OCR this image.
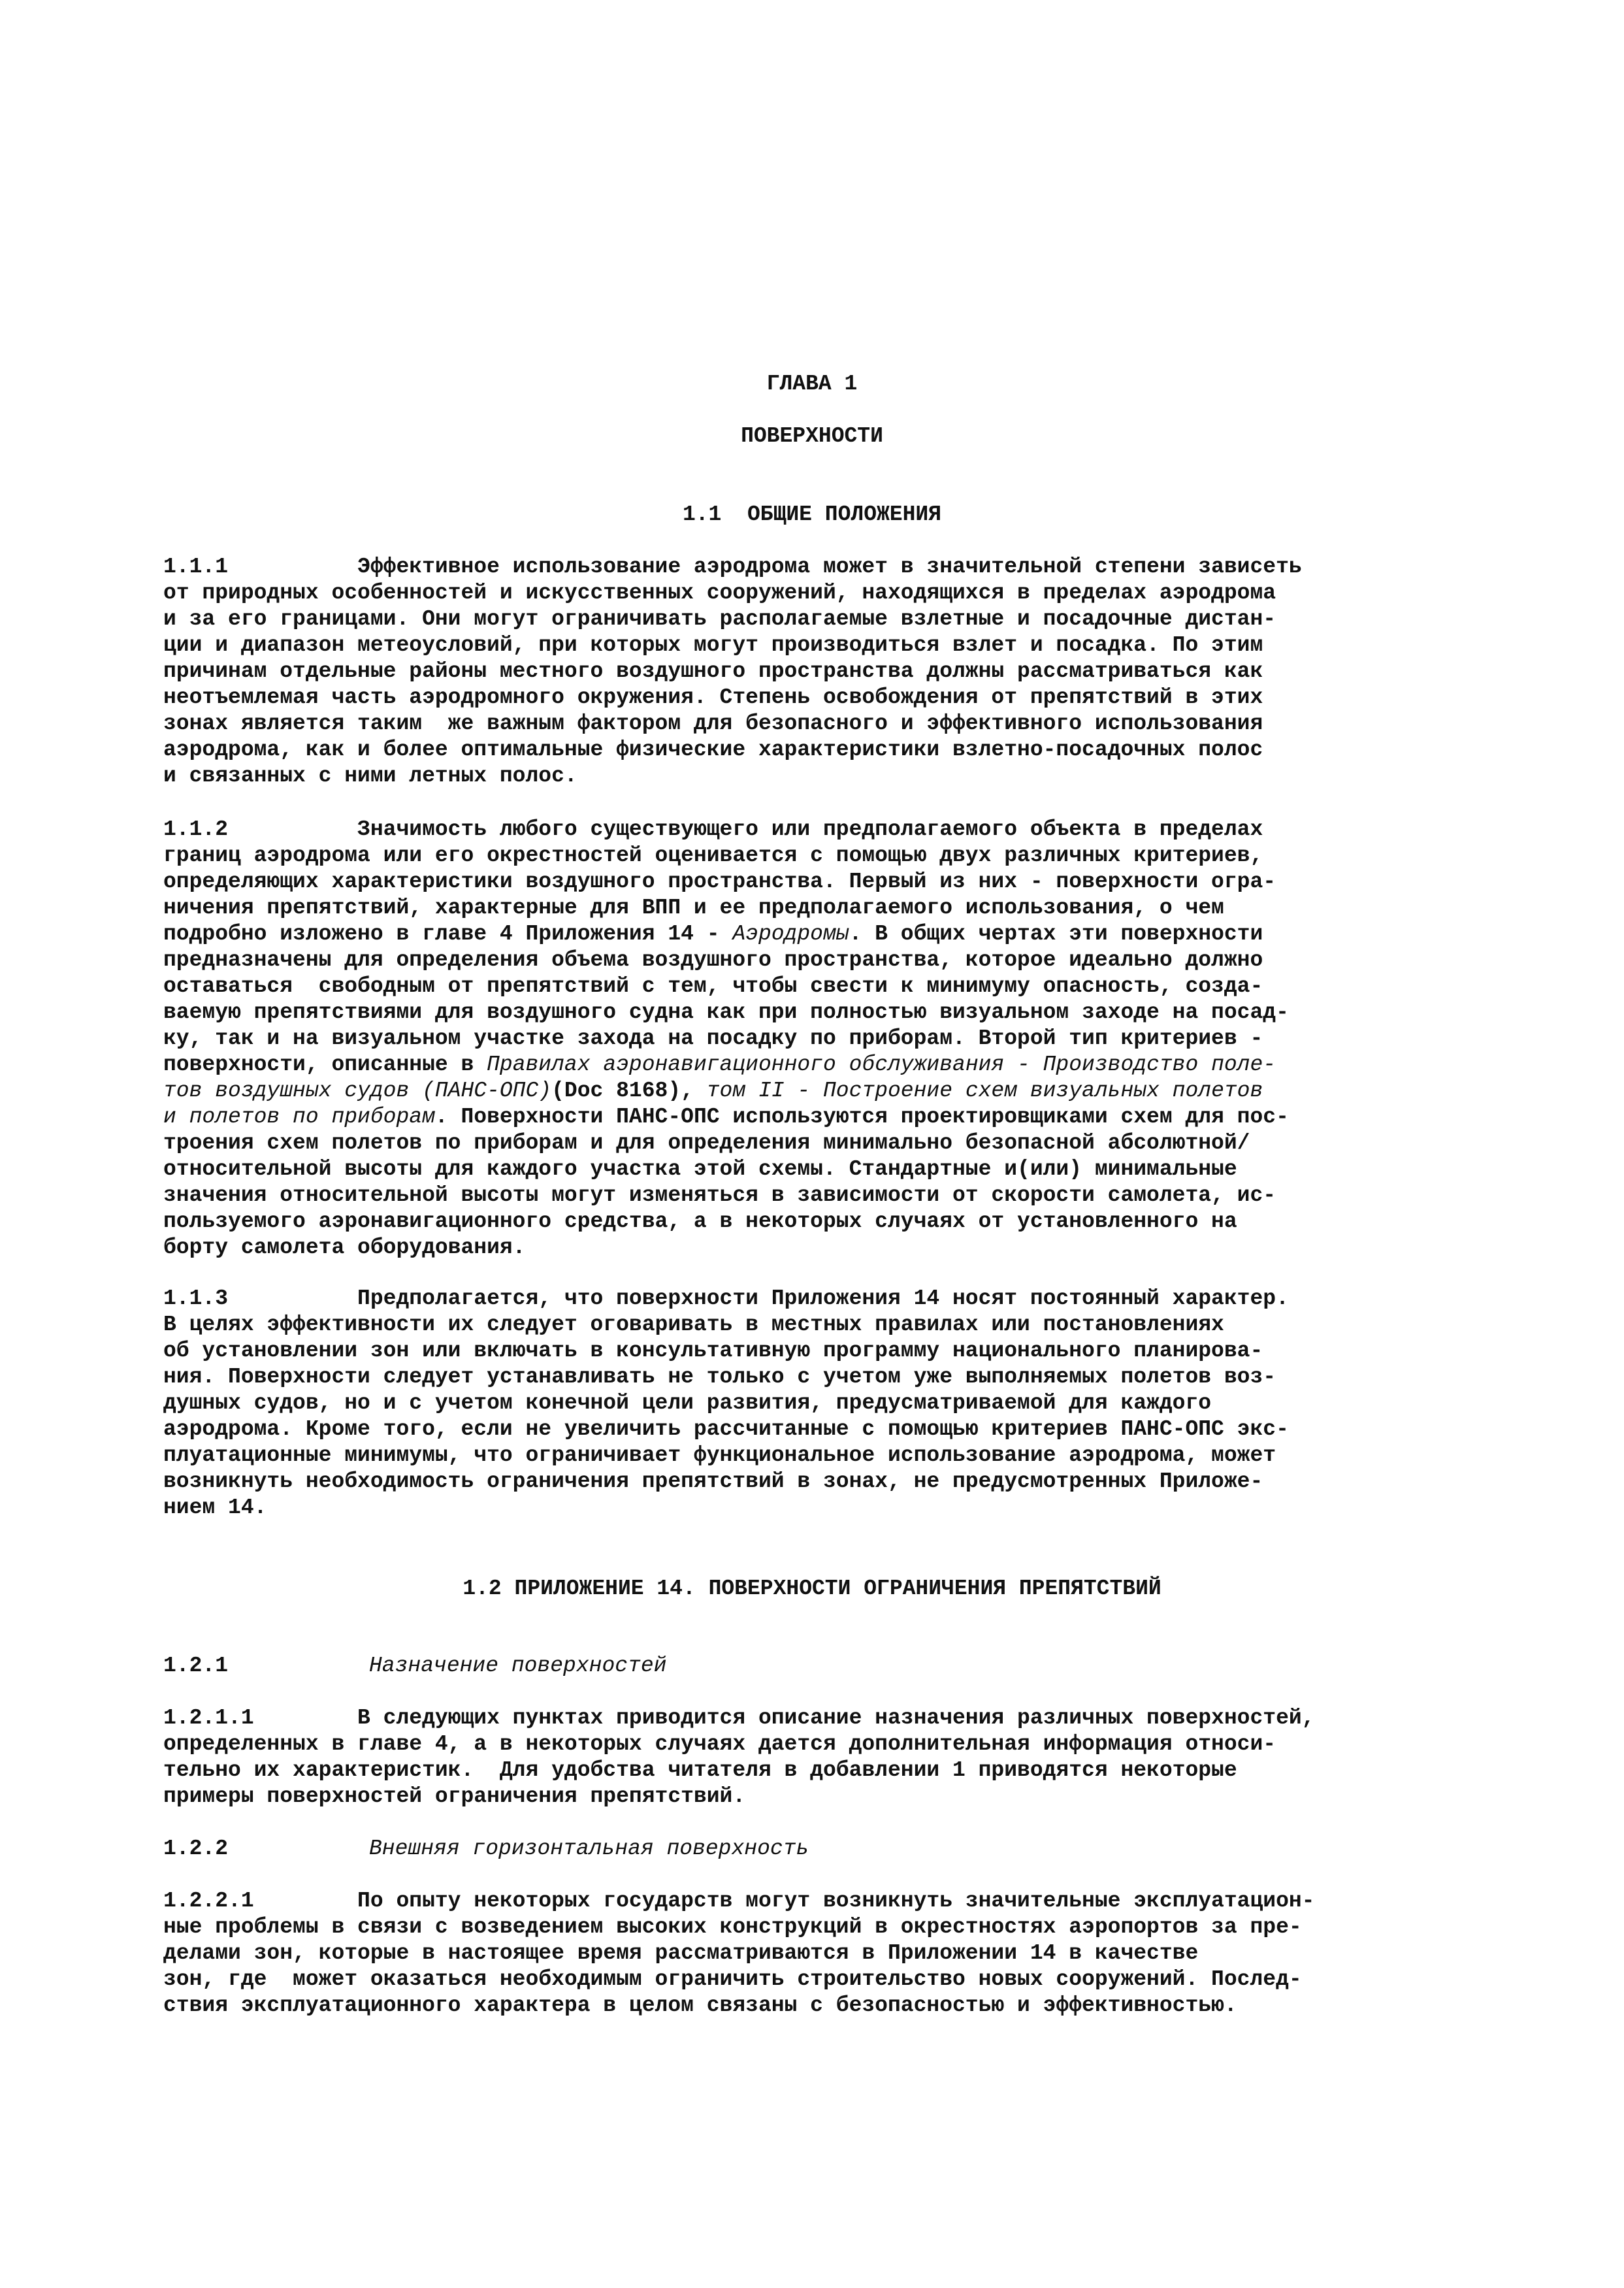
ГЛАВА 1
ПОВЕРХНОСТИ
1.1  ОБЩИЕ ПОЛОЖЕНИЯ
1.1.1          Эффективное использование аэродрома может в значительной степени зависеть
от природных особенностей и искусственных сооружений, находящихся в пределах аэродрома
и за его границами. Они могут ограничивать располагаемые взлетные и посадочные дистан-
ции и диапазон метеоусловий, при которых могут производиться взлет и посадка. По этим
причинам отдельные районы местного воздушного пространства должны рассматриваться как
неотъемлемая часть аэродромного окружения. Степень освобождения от препятствий в этих
зонах является таким  же важным фактором для безопасного и эффективного использования
аэродрома, как и более оптимальные физические характеристики взлетно-посадочных полос
и связанных с ними летных полос.
1.1.2          Значимость любого существующего или предполагаемого объекта в пределах
границ аэродрома или его окрестностей оценивается с помощью двух различных критериев,
определяющих характеристики воздушного пространства. Первый из них - поверхности огра-
ничения препятствий, характерные для ВПП и ее предполагаемого использования, о чем
подробно изложено в главе 4 Приложения 14 - Аэродромы. В общих чертах эти поверхности
предназначены для определения объема воздушного пространства, которое идеально должно
оставаться  свободным от препятствий с тем, чтобы свести к минимуму опасность, созда-
ваемую препятствиями для воздушного судна как при полностью визуальном заходе на посад-
ку, так и на визуальном участке захода на посадку по приборам. Второй тип критериев -
поверхности, описанные в Правилах аэронавигационного обслуживания - Производство поле-
тов воздушных судов (ПАНС-ОПС)(Doc 8168), том II - Построение схем визуальных полетов
и полетов по приборам. Поверхности ПАНС-ОПС используются проектировщиками схем для пос-
троения схем полетов по приборам и для определения минимально безопасной абсолютной/
относительной высоты для каждого участка этой схемы. Стандартные и(или) минимальные
значения относительной высоты могут изменяться в зависимости от скорости самолета, ис-
пользуемого аэронавигационного средства, а в некоторых случаях от установленного на
борту самолета оборудования.
1.1.3          Предполагается, что поверхности Приложения 14 носят постоянный характер.
В целях эффективности их следует оговаривать в местных правилах или постановлениях
об установлении зон или включать в консультативную программу национального планирова-
ния. Поверхности следует устанавливать не только с учетом уже выполняемых полетов воз-
душных судов, но и с учетом конечной цели развития, предусматриваемой для каждого
аэродрома. Кроме того, если не увеличить рассчитанные с помощью критериев ПАНС-ОПС экс-
плуатационные минимумы, что ограничивает функциональное использование аэродрома, может
возникнуть необходимость ограничения препятствий в зонах, не предусмотренных Приложе-
нием 14.
1.2 ПРИЛОЖЕНИЕ 14. ПОВЕРХНОСТИ ОГРАНИЧЕНИЯ ПРЕПЯТСТВИЙ
1.2.1	Назначение поверхностей
1.2.1.1        В следующих пунктах приводится описание назначения различных поверхностей,
определенных в главе 4, а в некоторых случаях дается дополнительная информация относи-
тельно их характеристик.  Для удобства читателя в добавлении 1 приводятся некоторые
примеры поверхностей ограничения препятствий.
1.2.2	Внешняя горизонтальная поверхность
1.2.2.1        По опыту некоторых государств могут возникнуть значительные эксплуатацион-
ные проблемы в связи с возведением высоких конструкций в окрестностях аэропортов за пре-
делами зон, которые в настоящее время рассматриваются в Приложении 14 в качестве
зон, где  может оказаться необходимым ограничить строительство новых сооружений. Послед-
ствия эксплуатационного характера в целом связаны с безопасностью и эффективностью.
